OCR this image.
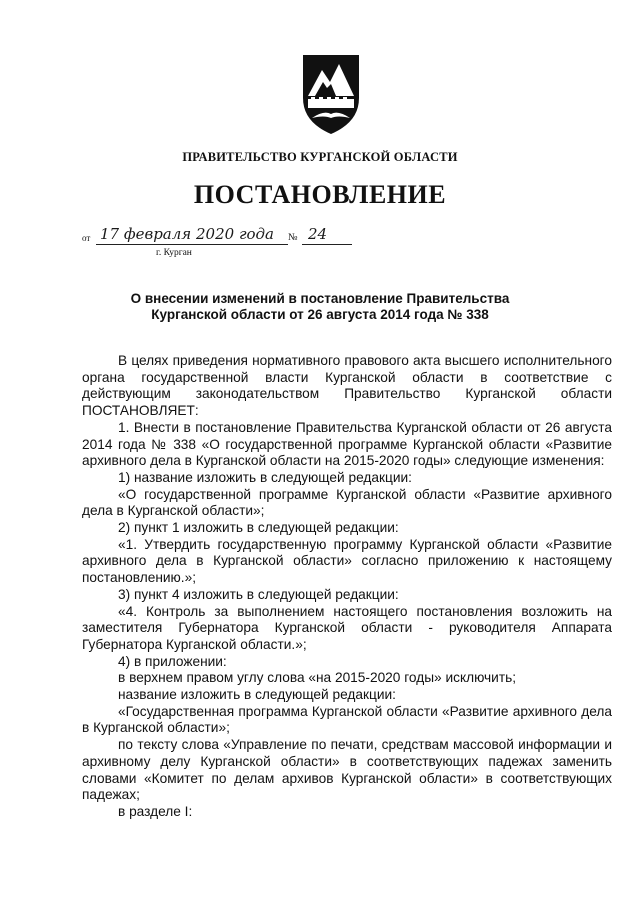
ПРАВИТЕЛЬСТВО КУРГАНСКОЙ ОБЛАСТИ
ПОСТАНОВЛЕНИЕ
от 17 февраля 2020 года № 24
г. Курган
О внесении изменений в постановление Правительства
Курганской области от 26 августа 2014 года № 338

В целях приведения нормативного правового акта высшего исполнительного органа государственной власти Курганской области в соответствие с действующим законодательством Правительство Курганской области ПОСТАНОВЛЯЕТ:

1. Внести в постановление Правительства Курганской области от 26 августа 2014 года № 338 «О государственной программе Курганской области «Развитие архивного дела в Курганской области на 2015-2020 годы» следующие изменения:

1) название изложить в следующей редакции:

«О государственной программе Курганской области «Развитие архивного дела в Курганской области»;

2) пункт 1 изложить в следующей редакции:

«1. Утвердить государственную программу Курганской области «Развитие архивного дела в Курганской области» согласно приложению к настоящему постановлению.»;

3) пункт 4 изложить в следующей редакции:

«4. Контроль за выполнением настоящего постановления возложить на заместителя Губернатора Курганской области - руководителя Аппарата Губернатора Курганской области.»;

4) в приложении:

в верхнем правом углу слова «на 2015-2020 годы» исключить;

название изложить в следующей редакции:

«Государственная программа Курганской области «Развитие архивного дела в Курганской области»;

по тексту слова «Управление по печати, средствам массовой информации и архивному делу Курганской области» в соответствующих падежах заменить словами «Комитет по делам архивов Курганской области» в соответствующих падежах;

в разделе I:
